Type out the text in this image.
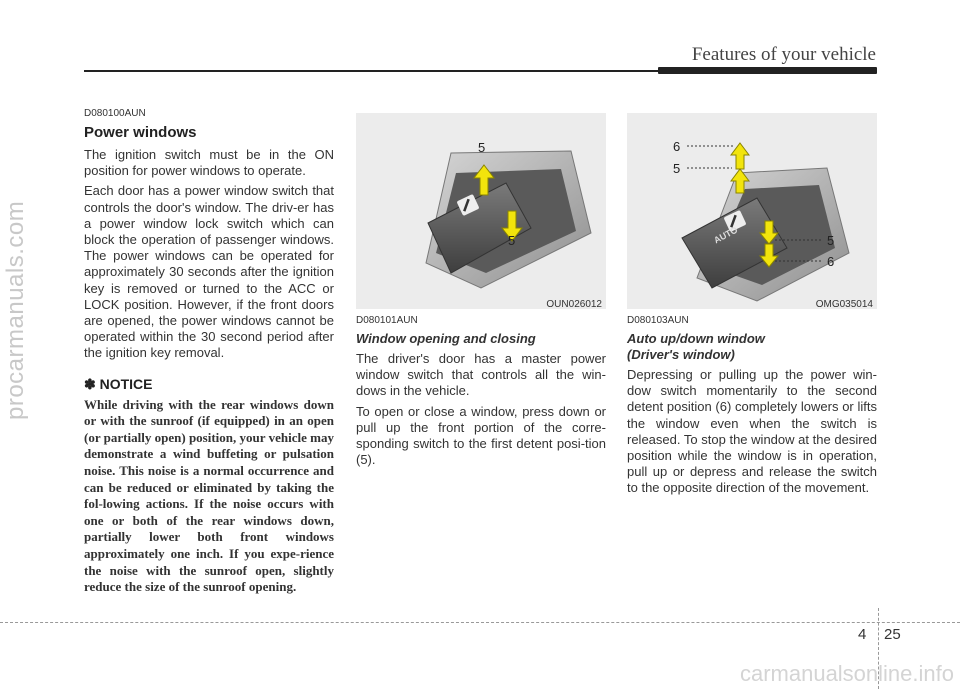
Features of your vehicle
procarmanuals.com
carmanualsonline.info
D080100AUN
Power windows

The ignition switch must be in the ON position for power windows to operate.

Each door has a power window switch that controls the door's window. The driv-er has a power window lock switch which can block the operation of passenger windows. The power windows can be operated for approximately 30 seconds after the ignition key is removed or turned to the ACC or LOCK position. However, if the front doors are opened, the power windows cannot be operated within the 30 second period after the ignition key removal.

✽ NOTICE
While driving with the rear windows down or with the sunroof (if equipped) in an open (or partially open) position, your vehicle may demonstrate a wind buffeting or pulsation noise. This noise is a normal occurrence and can be reduced or eliminated by taking the fol-lowing actions. If the noise occurs with one or both of the rear windows down, partially lower both front windows approximately one inch. If you expe-rience the noise with the sunroof open, slightly reduce the size of the sunroof opening.
5
5
OUN026012
D080101AUN
Window opening and closing

The driver's door has a master power window switch that controls all the win-dows in the vehicle.

To open or close a window, press down or pull up the front portion of the corre-sponding switch to the first detent posi-tion (5).

AUTO
6
5
5
6
OMG035014
D080103AUN
Auto up/down window
(Driver's window)

Depressing or pulling up the power win-dow switch momentarily to the second detent position (6) completely lowers or lifts the window even when the switch is released. To stop the window at the desired position while the window is in operation, pull up or depress and release the switch to the opposite direction of the movement.

4 25
